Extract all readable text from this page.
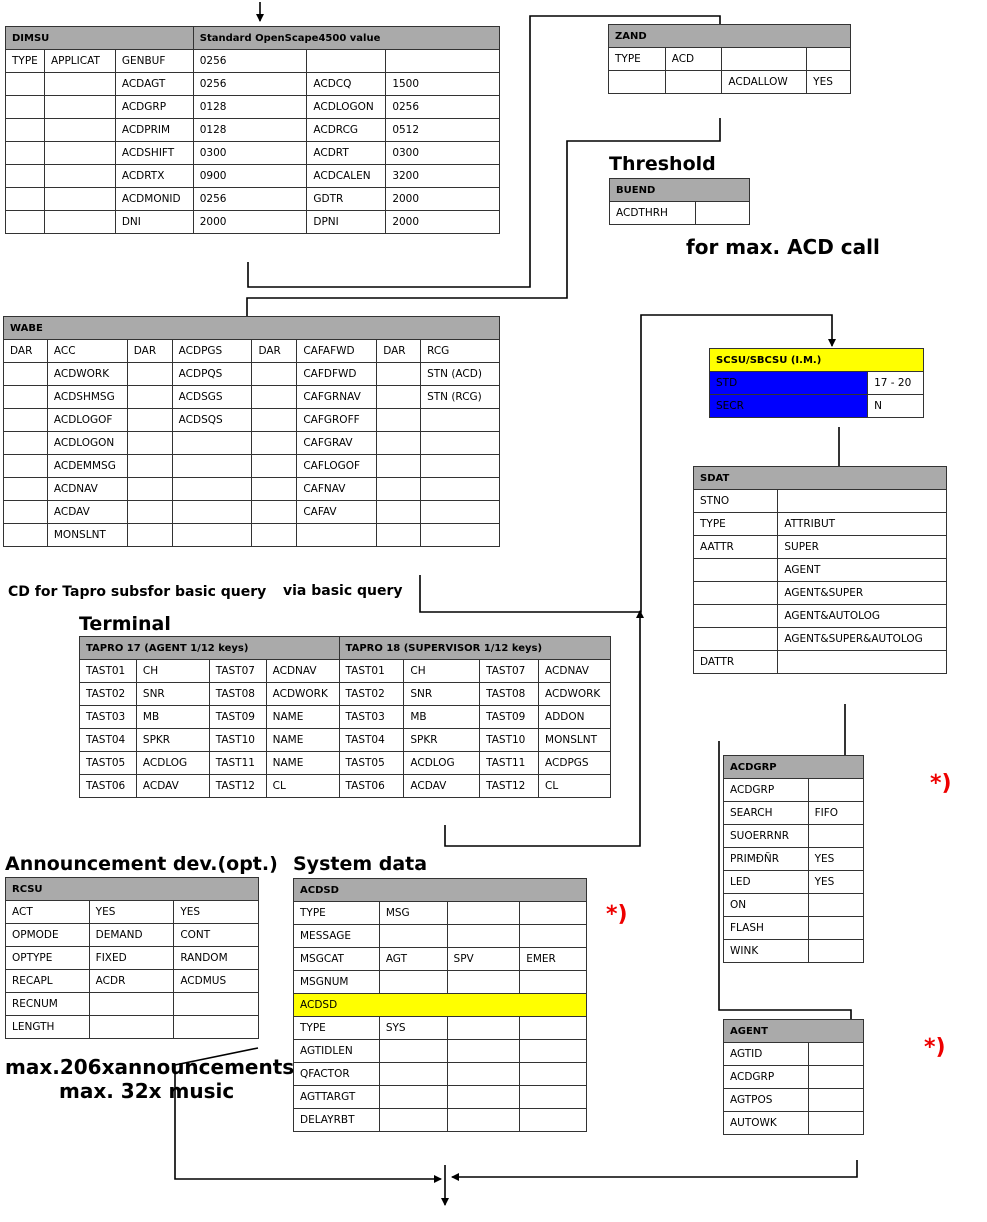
DIMSU			Standard OpenScape4500 value		
TYPE	APPLICAT	GENBUF	0256		
		ACDAGT	0256	ACDCQ	1500
		ACDGRP	0128	ACDLOGON	0256
		ACDPRIM	0128	ACDRCG	0512
		ACDSHIFT	0300	ACDRT	0300
		ACDRTX	0900	ACDCALEN	3200
		ACDMONID	0256	GDTR	2000
		DNI	2000	DPNI	2000
ZAND			
TYPE	ACD		
		ACDALLOW	YES
Threshold
BUEND
ACDTHRH	
for max. ACD call
WABE							
DAR	ACC	DAR	ACDPGS	DAR	CAFAFWD	DAR	RCG
	ACDWORK		ACDPQS		CAFDFWD		STN (ACD)
	ACDSHMSG		ACDSGS		CAFGRNAV		STN (RCG)
	ACDLOGOF		ACDSQS		CAFGROFF		
	ACDLOGON				CAFGRAV		
	ACDEMMSG				CAFLOGOF		
	ACDNAV				CAFNAV		
	ACDAV				CAFAV		
	MONSLNT						
SCSU/SBCSU (I.M.)	
STD	17 - 20
SECR	N
SDAT	
STNO	
TYPE	ATTRIBUT
AATTR	SUPER
	AGENT
	AGENT&SUPER
	AGENT&AUTOLOG
	AGENT&SUPER&AUTOLOG
DATTR	
CD for Tapro subsfor basic query via basic query
Terminal
TAPRO 17 (AGENT 1/12 keys)				TAPRO 18 (SUPERVISOR 1/12 keys)			
TAST01	CH	TAST07	ACDNAV	TAST01	CH	TAST07	ACDNAV
TAST02	SNR	TAST08	ACDWORK	TAST02	SNR	TAST08	ACDWORK
TAST03	MB	TAST09	NAME	TAST03	MB	TAST09	ADDON
TAST04	SPKR	TAST10	NAME	TAST04	SPKR	TAST10	MONSLNT
TAST05	ACDLOG	TAST11	NAME	TAST05	ACDLOG	TAST11	ACDPGS
TAST06	ACDAV	TAST12	CL	TAST06	ACDAV	TAST12	CL
ACDGRP	
ACDGRP	
SEARCH	FIFO
SUOERRNR	
PRIMĐÑR	YES
LED	YES
ON	
FLASH	
WINK	
*)
Announcement dev.(opt.) System data
RCSU		
ACT	YES	YES
OPMODE	DEMAND	CONT
OPTYPE	FIXED	RANDOM
RECAPL	ACDR	ACDMUS
RECNUM		
LENGTH		
ACDSD			
TYPE	MSG		
MESSAGE			
MSGCAT	AGT	SPV	EMER
MSGNUM			
ACDSD			
TYPE	SYS		
AGTIDLEN			
QFACTOR			
AGTTARGT			
DELAYRBT			
*)
AGENT	
AGTID	
ACDGRP	
AGTPOS	
AUTOWK	
*)
max.206xannouncements
max. 32x music
